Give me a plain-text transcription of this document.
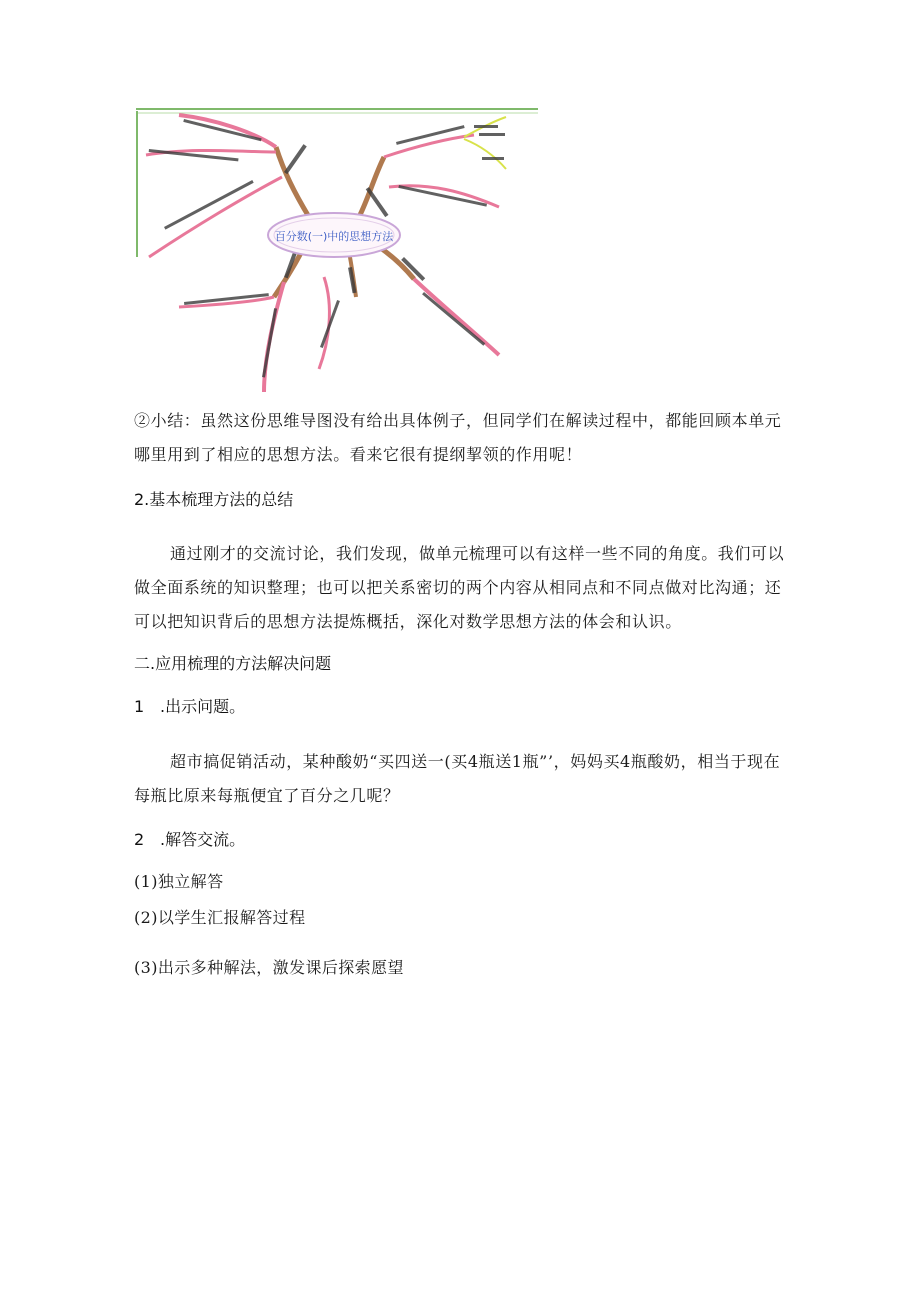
百分数(一)中的思想方法

②小结：虽然这份思维导图没有给出具体例子，但同学们在解读过程中，都能回顾本单元哪里用到了相应的思想方法。看来它很有提纲挈领的作用呢！

2.基本梳理方法的总结

通过刚才的交流讨论，我们发现，做单元梳理可以有这样一些不同的角度。我们可以做全面系统的知识整理；也可以把关系密切的两个内容从相同点和不同点做对比沟通；还可以把知识背后的思想方法提炼概括，深化对数学思想方法的体会和认识。

二.应用梳理的方法解决问题

1 .出示问题。

超市搞促销活动，某种酸奶“买四送一(买4瓶送1瓶”’，妈妈买4瓶酸奶，相当于现在每瓶比原来每瓶便宜了百分之几呢？

2 .解答交流。

(1)独立解答

(2)以学生汇报解答过程

(3)出示多种解法，激发课后探索愿望
